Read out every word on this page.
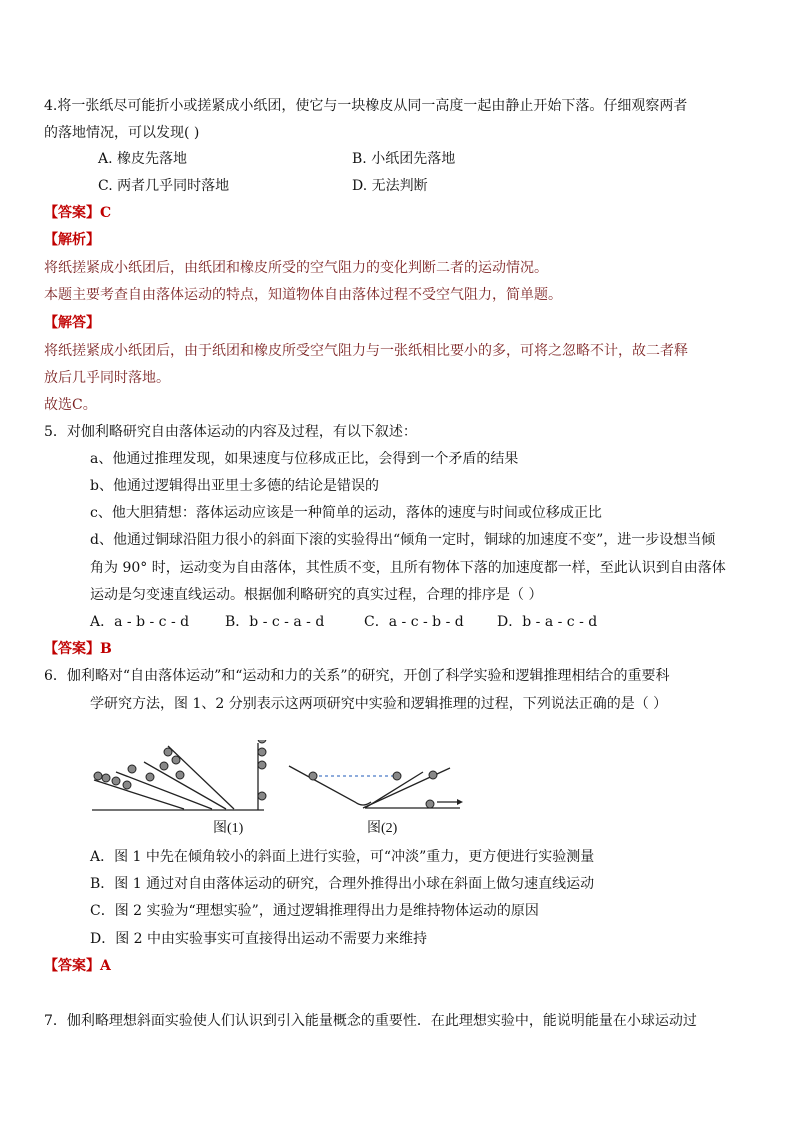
4.将一张纸尽可能折小或搓紧成小纸团，使它与一块橡皮从同一高度一起由静止开始下落。仔细观察两者
的落地情况，可以发现( )
A. 橡皮先落地	B. 小纸团先落地
C. 两者几乎同时落地	D. 无法判断
【答案】C
【解析】
将纸搓紧成小纸团后，由纸团和橡皮所受的空气阻力的变化判断二者的运动情况。
本题主要考查自由落体运动的特点，知道物体自由落体过程不受空气阻力，简单题。
【解答】
将纸搓紧成小纸团后，由于纸团和橡皮所受空气阻力与一张纸相比要小的多，可将之忽略不计，故二者释
放后几乎同时落地。
故选C。
5．对伽利略研究自由落体运动的内容及过程，有以下叙述：
a、他通过推理发现，如果速度与位移成正比，会得到一个矛盾的结果
b、他通过逻辑得出亚里士多德的结论是错误的
c、他大胆猜想：落体运动应该是一种简单的运动，落体的速度与时间或位移成正比
d、他通过铜球沿阻力很小的斜面下滚的实验得出“倾角一定时，铜球的加速度不变”，进一步设想当倾
角为 90° 时，运动变为自由落体，其性质不变，且所有物体下落的加速度都一样，至此认识到自由落体
运动是匀变速直线运动。根据伽利略研究的真实过程，合理的排序是（ ）
A．a - b - c - d	B．b - c - a - d	C．a - c - b - d D．b - a - c - d
【答案】B
6．伽利略对“自由落体运动”和“运动和力的关系”的研究，开创了科学实验和逻辑推理相结合的重要科
学研究方法，图 1、2 分别表示这两项研究中实验和逻辑推理的过程，下列说法正确的是（ ）
图(1)	图(2)
A．图 1 中先在倾角较小的斜面上进行实验，可“冲淡”重力，更方便进行实验测量
B．图 1 通过对自由落体运动的研究，合理外推得出小球在斜面上做匀速直线运动
C．图 2 实验为“理想实验”，通过逻辑推理得出力是维持物体运动的原因
D．图 2 中由实验事实可直接得出运动不需要力来维持
【答案】A
7．伽利略理想斜面实验使人们认识到引入能量概念的重要性．在此理想实验中，能说明能量在小球运动过
